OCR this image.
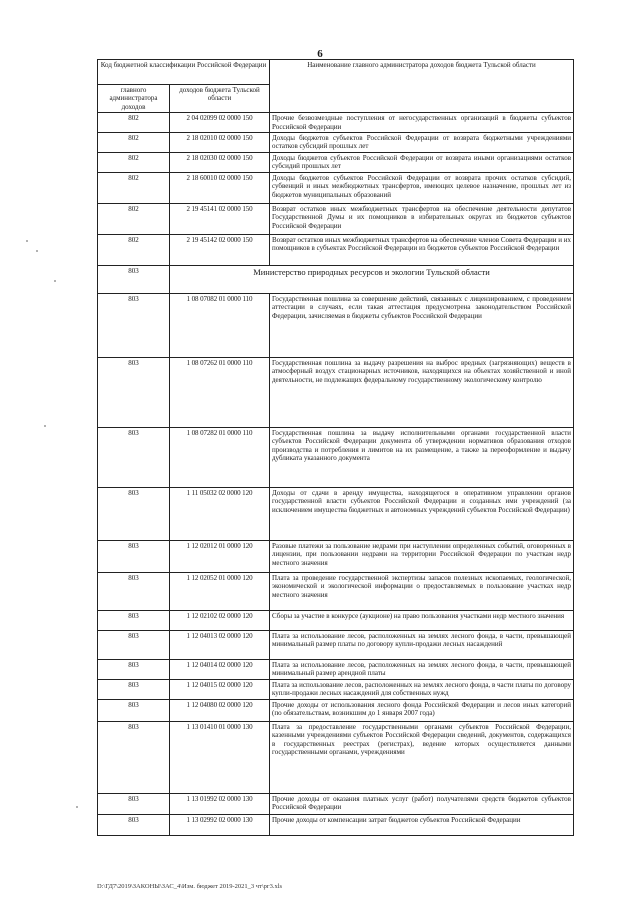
6
Код бюджетной классификации Российской Федерации		Наименование главного администратора доходов бюджета Тульской области
главного администратора доходов	доходов бюджета Тульской области	
802	2 04 02099 02 0000 150	Прочие безвозмездные поступления от негосударственных организаций в бюджеты субъектов Российской Федерации
802	2 18 02010 02 0000 150	Доходы бюджетов субъектов Российской Федерации от возврата бюджетными учреждениями остатков субсидий прошлых лет
802	2 18 02030 02 0000 150	Доходы бюджетов субъектов Российской Федерации от возврата иными организациями остатков субсидий прошлых лет
802	2 18 60010 02 0000 150	Доходы бюджетов субъектов Российской Федерации от возврата прочих остатков субсидий, субвенций и иных межбюджетных трансфертов, имеющих целевое назначение, прошлых лет из бюджетов муниципальных образований
802	2 19 45141 02 0000 150	Возврат остатков иных межбюджетных трансфертов на обеспечение деятельности депутатов Государственной Думы и их помощников в избирательных округах из бюджетов субъектов Российской Федерации
802	2 19 45142 02 0000 150	Возврат остатков иных межбюджетных трансфертов на обеспечение членов Совета Федерации и их помощников в субъектах Российской Федерации из бюджетов субъектов Российской Федерации
803	Министерство природных ресурсов и экологии Тульской области	
803	1 08 07082 01 0000 110	Государственная пошлина за совершение действий, связанных с лицензированием, с проведением аттестации в случаях, если такая аттестация предусмотрена законодательством Российской Федерации, зачисляемая в бюджеты субъектов Российской Федерации
803	1 08 07262 01 0000 110	Государственная пошлина за выдачу разрешения на выброс вредных (загрязняющих) веществ в атмосферный воздух стационарных источников, находящихся на объектах хозяйственной и иной деятельности, не подлежащих федеральному государственному экологическому контролю
803	1 08 07282 01 0000 110	Государственная пошлина за выдачу исполнительными органами государственной власти субъектов Российской Федерации документа об утверждении нормативов образования отходов производства и потребления и лимитов на их размещение, а также за переоформление и выдачу дубликата указанного документа
803	1 11 05032 02 0000 120	Доходы от сдачи в аренду имущества, находящегося в оперативном управлении органов государственной власти субъектов Российской Федерации и созданных ими учреждений (за исключением имущества бюджетных и автономных учреждений субъектов Российской Федерации)
803	1 12 02012 01 0000 120	Разовые платежи за пользование недрами при наступлении определенных событий, оговоренных в лицензии, при пользовании недрами на территории Российской Федерации по участкам недр местного значения
803	1 12 02052 01 0000 120	Плата за проведение государственной экспертизы запасов полезных ископаемых, геологической, экономической и экологической информации о предоставляемых в пользование участках недр местного значения
803	1 12 02102 02 0000 120	Сборы за участие в конкурсе (аукционе) на право пользования участками недр местного значения
803	1 12 04013 02 0000 120	Плата за использование лесов, расположенных на землях лесного фонда, в части, превышающей минимальный размер платы по договору купли-продажи лесных насаждений
803	1 12 04014 02 0000 120	Плата за использование лесов, расположенных на землях лесного фонда, в части, превышающей минимальный размер арендной платы
803	1 12 04015 02 0000 120	Плата за использование лесов, расположенных на землях лесного фонда, в части платы по договору купли-продажи лесных насаждений для собственных нужд
803	1 12 04080 02 0000 120	Прочие доходы от использования лесного фонда Российской Федерации и лесов иных категорий (по обязательствам, возникшим до 1 января 2007 года)
803	1 13 01410 01 0000 130	Плата за предоставление государственными органами субъектов Российской Федерации, казенными учреждениями субъектов Российской Федерации сведений, документов, содержащихся в государственных реестрах (регистрах), ведение которых осуществляется данными государственными органами, учреждениями
803	1 13 01992 02 0000 130	Прочие доходы от оказания платных услуг (работ) получателями средств бюджетов субъектов Российской Федерации
803	1 13 02992 02 0000 130	Прочие доходы от компенсации затрат бюджетов субъектов Российской Федерации
D:\ГД7\2019\ЗАКОНЫ\ЗАС_4\Изм. бюджет 2019-2021_3 чт\рг3.xls
